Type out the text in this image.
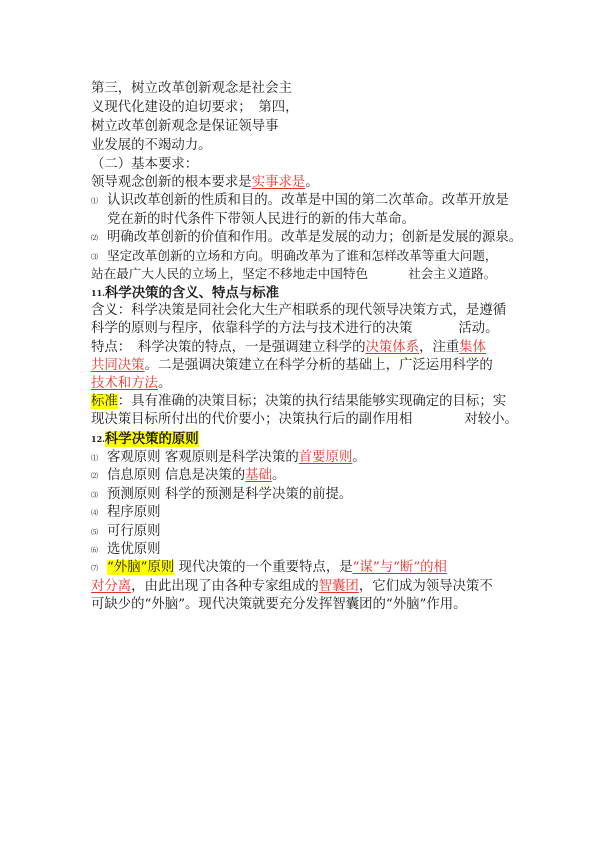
第三，树立改革创新观念是社会主
义现代化建设的迫切要求；　第四，
树立改革创新观念是保证领导事
业发展的不竭动力。
（二）基本要求：
领导观念创新的根本要求是实事求是。
⑴ 认识改革创新的性质和目的。改革是中国的第二次革命。改革开放是
党在新的时代条件下带领人民进行的新的伟大革命。
⑵ 明确改革创新的价值和作用。改革是发展的动力；创新是发展的源泉。
⑶ 坚定改革创新的立场和方向。明确改革为了谁和怎样改革等重大问题，
站在最广大人民的立场上，坚定不移地走中国特色	社会主义道路。
11.科学决策的含义、特点与标准
含义：科学决策是同社会化大生产相联系的现代领导决策方式，是遵循
科学的原则与程序，依靠科学的方法与技术进行的决策	活动。
特点：　科学决策的特点，一是强调建立科学的决策体系，注重集体
共同决策。二是强调决策建立在科学分析的基础上，广泛运用科学的
技术和方法。
标准：具有准确的决策目标；决策的执行结果能够实现确定的目标；实
现决策目标所付出的代价要小；决策执行后的副作用相	对较小。
12.科学决策的原则
⑴ 客观原则 客观原则是科学决策的首要原则。
⑵ 信息原则 信息是决策的基础。
⑶ 预测原则 科学的预测是科学决策的前提。
⑷ 程序原则
⑸ 可行原则
⑹ 选优原则
⑺ “外脑”原则 现代决策的一个重要特点，是“谋”与“断”的相
对分离，由此出现了由各种专家组成的智囊团，它们成为领导决策不
可缺少的“外脑”。现代决策就要充分发挥智囊团的“外脑”作用。
